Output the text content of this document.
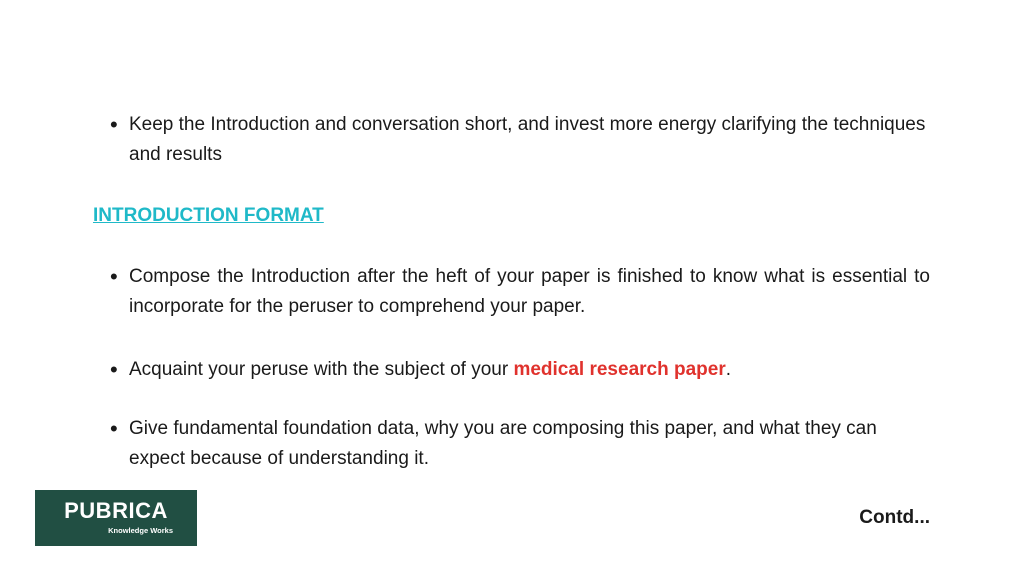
• Keep the Introduction and conversation short, and invest more energy clarifying the techniques and results
INTRODUCTION FORMAT
• Compose the Introduction after the heft of your paper is finished to know what is essential to incorporate for the peruser to comprehend your paper.
• Acquaint your peruse with the subject of your medical research paper.
• Give fundamental foundation data, why you are composing this paper, and what they can expect because of understanding it.
PUBRICA
Knowledge Works
Contd...
